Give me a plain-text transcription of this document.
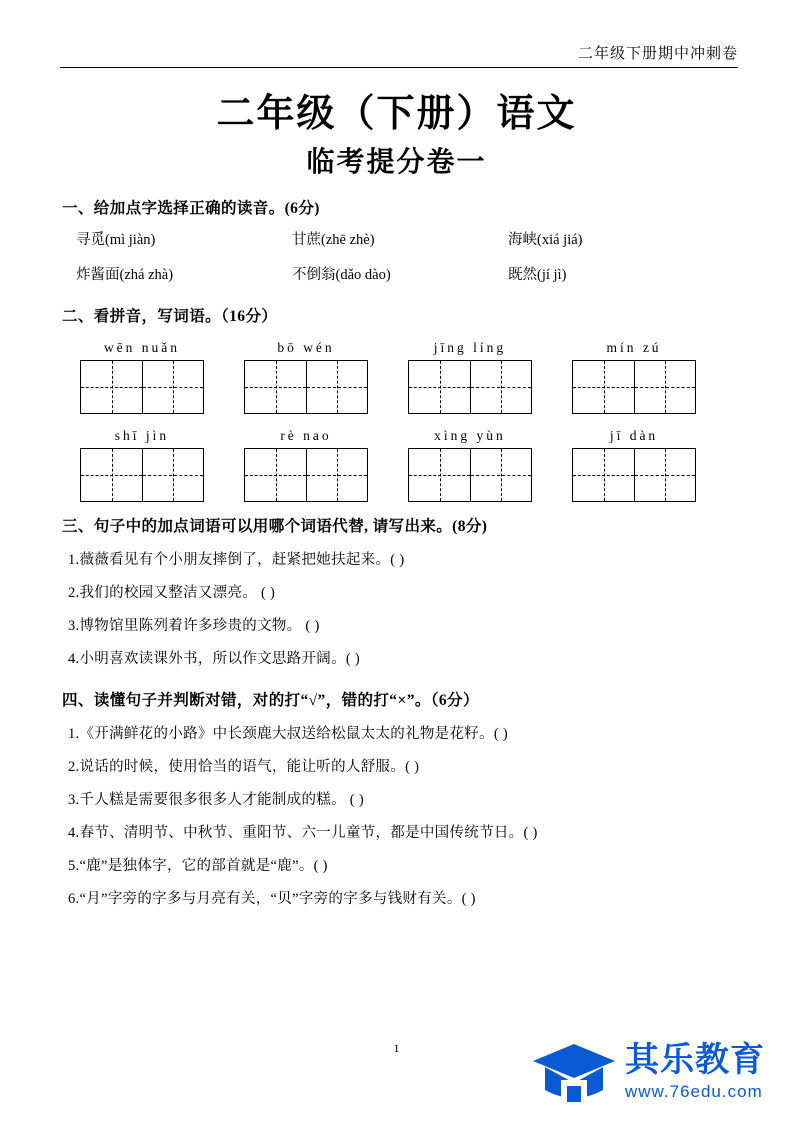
二年级下册期中冲刺卷
二年级（下册）语文
临考提分卷一
一、给加点字选择正确的读音。(6分)
寻觅(mì jiàn)	甘蔗(zhē zhè)	海峡(xiá jiá)
炸酱面(zhá zhà)	不倒翁(dǎo dào)	既然(jí jì)
二、看拼音，写词语。（16分）
wēn nuǎn	bō wén	jīng líng	mín zú
shī jìn	rè nao	xìng yùn	jī dàn
三、句子中的加点词语可以用哪个词语代替, 请写出来。(8分)
1.薇薇看见有个小朋友摔倒了，赶紧把她扶起来。( )
2.我们的校园又整洁又漂亮。 ( )
3.博物馆里陈列着许多珍贵的文物。 ( )
4.小明喜欢读课外书，所以作文思路开阔。( )
四、读懂句子并判断对错，对的打“√”，错的打“×”。（6分）
1.《开满鲜花的小路》中长颈鹿大叔送给松鼠太太的礼物是花籽。( )
2.说话的时候，使用恰当的语气，能让听的人舒服。( )
3.千人糕是需要很多很多人才能制成的糕。 ( )
4.春节、清明节、中秋节、重阳节、六一儿童节，都是中国传统节日。( )
5.“鹿”是独体字，它的部首就是“鹿”。( )
6.“月”字旁的字多与月亮有关，“贝”字旁的字多与钱财有关。( )
1	其乐教育
www.76edu.com
